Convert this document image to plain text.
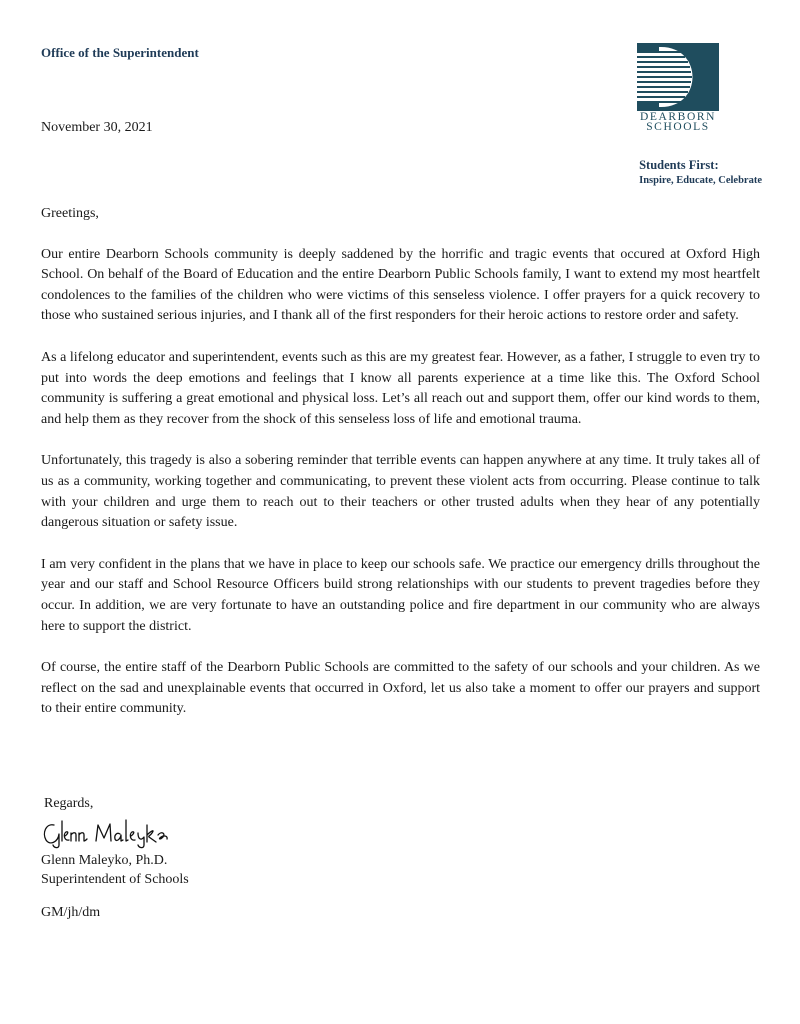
Office of the Superintendent
November 30, 2021
DEARBORN
SCHOOLS
Students First:
Inspire, Educate, Celebrate

Greetings,

Our entire Dearborn Schools community is deeply saddened by the horrific and tragic events that occured at Oxford High School. On behalf of the Board of Education and the entire Dearborn Public Schools family, I want to extend my most heartfelt condolences to the families of the children who were victims of this senseless violence. I offer prayers for a quick recovery to those who sustained serious injuries, and I thank all of the first responders for their heroic actions to restore order and safety.

As a lifelong educator and superintendent, events such as this are my greatest fear. However, as a father, I struggle to even try to put into words the deep emotions and feelings that I know all parents experience at a time like this. The Oxford School community is suffering a great emotional and physical loss. Let’s all reach out and support them, offer our kind words to them, and help them as they recover from the shock of this senseless loss of life and emotional trauma.

Unfortunately, this tragedy is also a sobering reminder that terrible events can happen anywhere at any time. It truly takes all of us as a community, working together and communicating, to prevent these violent acts from occurring. Please continue to talk with your children and urge them to reach out to their teachers or other trusted adults when they hear of any potentially dangerous situation or safety issue.

I am very confident in the plans that we have in place to keep our schools safe. We practice our emergency drills throughout the year and our staff and School Resource Officers build strong relationships with our students to prevent tragedies before they occur. In addition, we are very fortunate to have an outstanding police and fire department in our community who are always here to support the district.

Of course, the entire staff of the Dearborn Public Schools are committed to the safety of our schools and your children. As we reflect on the sad and unexplainable events that occurred in Oxford, let us also take a moment to offer our prayers and support to their entire community.

Regards,
Glenn Maleyko, Ph.D.
Superintendent of Schools
GM/jh/dm
